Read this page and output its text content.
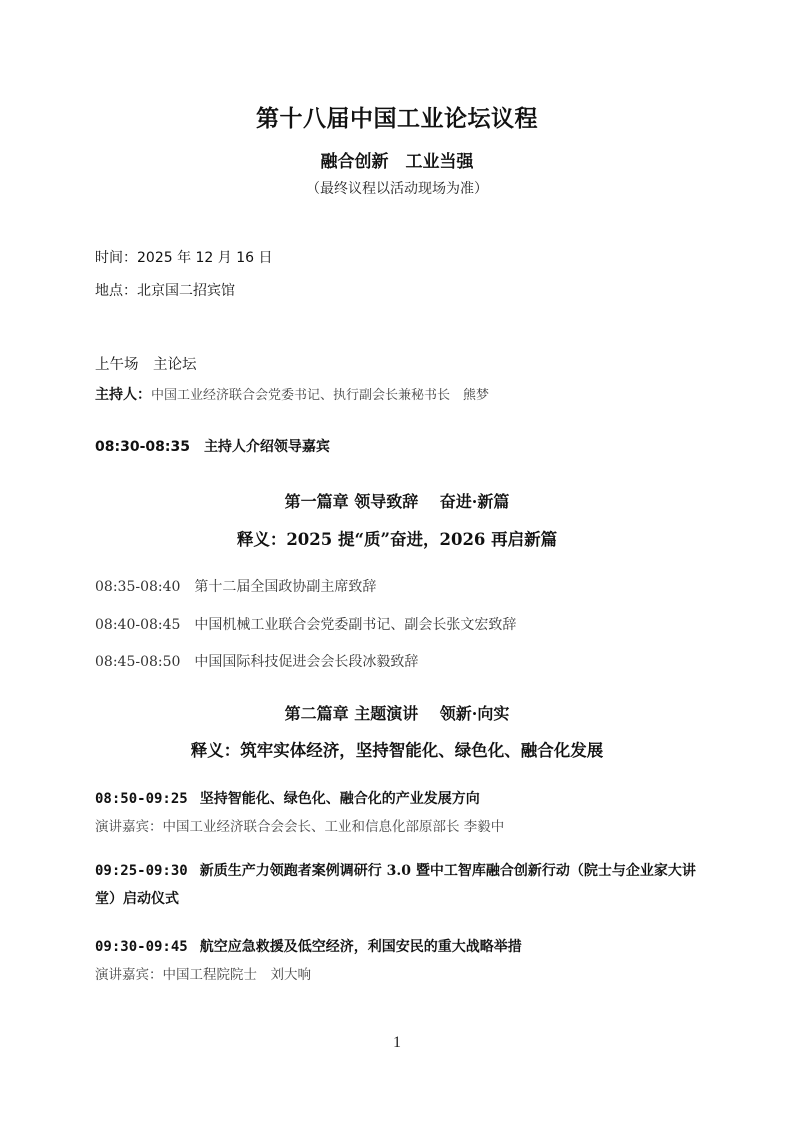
第十八届中国工业论坛议程
融合创新　工业当强
（最终议程以活动现场为准）
时间：2025 年 12 月 16 日
地点：北京国二招宾馆
上午场　主论坛
主持人：中国工业经济联合会党委书记、执行副会长兼秘书长　熊梦
08:30-08:35 主持人介绍领导嘉宾
第一篇章 领导致辞　 奋进·新篇
释义：2025 提“质”奋进，2026 再启新篇
08:35-08:40 第十二届全国政协副主席致辞
08:40-08:45 中国机械工业联合会党委副书记、副会长张文宏致辞
08:45-08:50 中国国际科技促进会会长段冰毅致辞
第二篇章 主题演讲　 领新·向实
释义：筑牢实体经济，坚持智能化、绿色化、融合化发展
08:50-09:25 坚持智能化、绿色化、融合化的产业发展方向
演讲嘉宾：中国工业经济联合会会长、工业和信息化部原部长 李毅中
09:25-09:30 新质生产力领跑者案例调研行 3.0 暨中工智库融合创新行动（院士与企业家大讲堂）启动仪式
09:30-09:45 航空应急救援及低空经济，利国安民的重大战略举措
演讲嘉宾：中国工程院院士　刘大响
1
